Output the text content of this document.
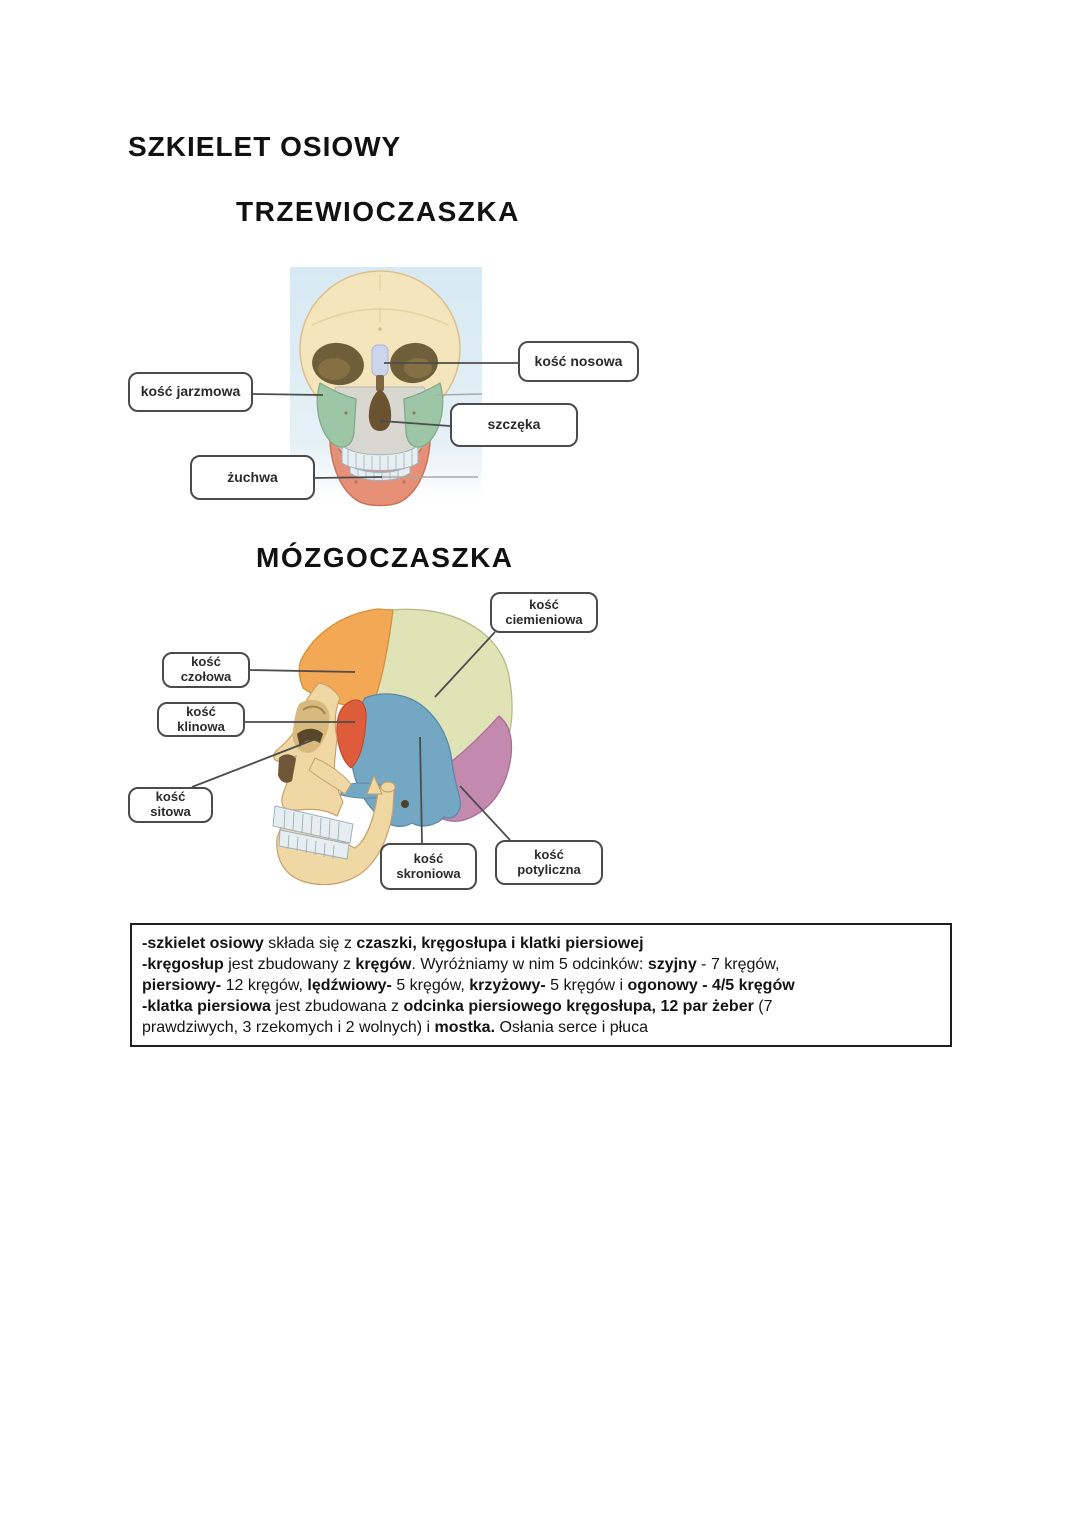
SZKIELET OSIOWY
TRZEWIOCZASZKA
kość jarzmowa
kość nosowa
szczęka
żuchwa
MÓZGOCZASZKA
kość ciemieniowa
kość czołowa
kość klinowa
kość sitowa
kość skroniowa
kość potyliczna
-szkielet osiowy składa się z czaszki, kręgosłupa i klatki piersiowej
-kręgosłup jest zbudowany z kręgów. Wyróżniamy w nim 5 odcinków: szyjny - 7 kręgów,
piersiowy- 12 kręgów, lędźwiowy- 5 kręgów, krzyżowy- 5 kręgów i ogonowy - 4/5 kręgów
-klatka piersiowa jest zbudowana z odcinka piersiowego kręgosłupa, 12 par żeber (7
prawdziwych, 3 rzekomych i 2 wolnych) i mostka. Osłania serce i płuca
